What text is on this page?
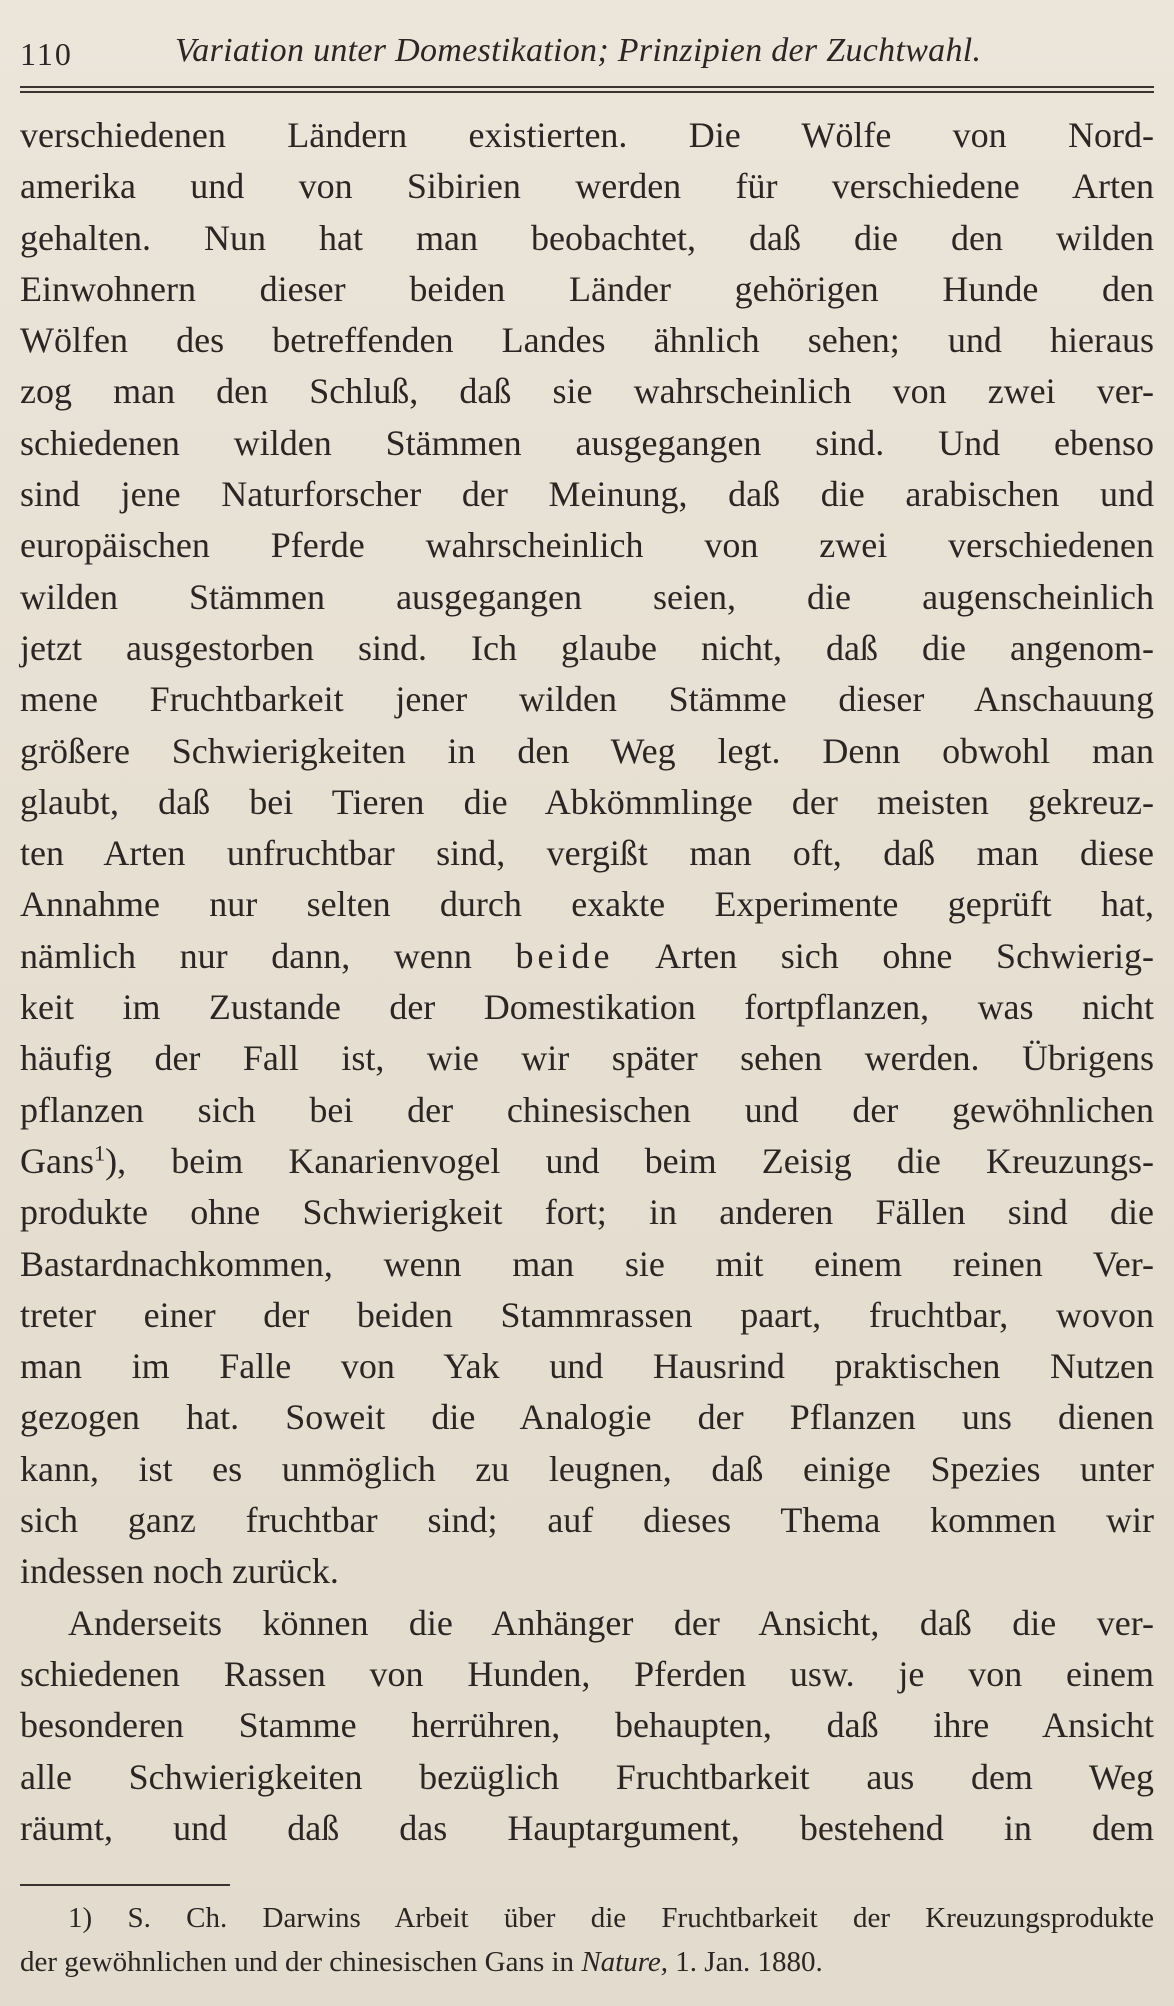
110	Variation unter Domestikation; Prinzipien der Zuchtwahl.
verschiedenen Ländern existierten. Die Wölfe von Nord-
amerika und von Sibirien werden für verschiedene Arten
gehalten. Nun hat man beobachtet, daß die den wilden
Einwohnern dieser beiden Länder gehörigen Hunde den
Wölfen des betreffenden Landes ähnlich sehen; und hieraus
zog man den Schluß, daß sie wahrscheinlich von zwei ver-
schiedenen wilden Stämmen ausgegangen sind. Und ebenso
sind jene Naturforscher der Meinung, daß die arabischen und
europäischen Pferde wahrscheinlich von zwei verschiedenen
wilden Stämmen ausgegangen seien, die augenscheinlich
jetzt ausgestorben sind. Ich glaube nicht, daß die angenom-
mene Fruchtbarkeit jener wilden Stämme dieser Anschauung
größere Schwierigkeiten in den Weg legt. Denn obwohl man
glaubt, daß bei Tieren die Abkömmlinge der meisten gekreuz-
ten Arten unfruchtbar sind, vergißt man oft, daß man diese
Annahme nur selten durch exakte Experimente geprüft hat,
nämlich nur dann, wenn beide Arten sich ohne Schwierig-
keit im Zustande der Domestikation fortpflanzen, was nicht
häufig der Fall ist, wie wir später sehen werden. Übrigens
pflanzen sich bei der chinesischen und der gewöhnlichen
Gans$^1$), beim Kanarienvogel und beim Zeisig die Kreuzungs-
produkte ohne Schwierigkeit fort; in anderen Fällen sind die
Bastardnachkommen, wenn man sie mit einem reinen Ver-
treter einer der beiden Stammrassen paart, fruchtbar, wovon
man im Falle von Yak und Hausrind praktischen Nutzen
gezogen hat. Soweit die Analogie der Pflanzen uns dienen
kann, ist es unmöglich zu leugnen, daß einige Spezies unter
sich ganz fruchtbar sind; auf dieses Thema kommen wir
indessen noch zurück.
Anderseits können die Anhänger der Ansicht, daß die ver-
schiedenen Rassen von Hunden, Pferden usw. je von einem
besonderen Stamme herrühren, behaupten, daß ihre Ansicht
alle Schwierigkeiten bezüglich Fruchtbarkeit aus dem Weg
räumt, und daß das Hauptargument, bestehend in dem
1) S. Ch. Darwins Arbeit über die Fruchtbarkeit der Kreuzungsprodukte
der gewöhnlichen und der chinesischen Gans in Nature, 1. Jan. 1880.
